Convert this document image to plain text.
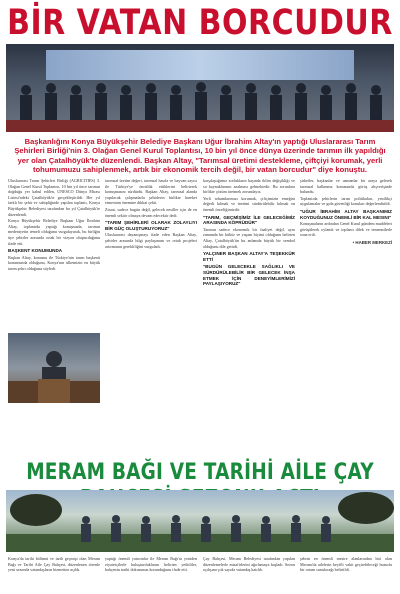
BİR VATAN BORCUDUR
Başkanlığını Konya Büyükşehir Belediye Başkanı Uğur İbrahim Altay'ın yaptığı Uluslararası Tarım Şehirleri Birliği'nin 3. Olağan Genel Kurul Toplantısı, 10 bin yıl önce dünya üzerinde tarımın ilk yapıldığı yer olan Çatalhöyük'te düzenlendi. Başkan Altay, "Tarımsal üretimi destekleme, çiftçiyi korumak, yerli tohumumuzu sahiplenmek, artık bir ekonomik tercih değil, bir vatan borcudur" diye konuştu.

Uluslararası Tarım Şehirleri Birliği (AGRICITIES) 3. Olağan Genel Kurul Toplantısı, 10 bin yıl önce tarımın doğduğu yer kabul edilen, UNESCO Dünya Mirası Listesi'ndeki Çatalhöyük'te gerçekleştirildi. Her yıl farklı bir şehir ev sahipliğinde yapılan toplantı, Konya Büyükşehir Belediyesi tarafından bu yıl Çatalhöyük'te düzenlendi.

Konya Büyükşehir Belediye Başkanı Uğur İbrahim Altay, toplantıda yaptığı konuşmada, tarımın medeniyetin temeli olduğunu vurgulayarak, bu birliğin üye şehirler arasında ortak bir vizyon oluşturduğunu ifade etti.

BAŞKENT KONUMUNDA

Başkan Altay, konumu ile Türkiye'nin tarım başkenti konumunda olduğunu, Konya'nın ülkemizin en büyük tarım şehri olduğunu söyledi.

tarımsal üretim değeri, tarımsal hasıla ve hayvan sayısı ile Türkiye'ye öncülük ettiklerini belirterek konuşmasını sürdürdü. Başkan Altay, tarımsal alanda yapılacak çalışmalarla şehirlerin birlikte hareket etmesinin önemine dikkat çekti.

Ziraat, sadece bugün değil, gelecek nesiller için de en önemli sektör olmaya devam edecektir dedi.

"TARIM ŞEHİRLERİ OLARAK ZOLAYLIYI BİR GÜÇ OLUŞTURUYORUZ"

Uluslararası dayanışmayı ifade eden Başkan Altay, şehirler arasında bilgi paylaşımını ve ortak projeleri artırmanın gerekliliğini vurguladı.

karşılaştığımız zorlukların başında iklim değişikliği ve su kaynaklarının azalması gelmektedir. Bu sorunlara birlikte çözüm üretmek zorundayız.

Yerli tohumlarımızı korumak, çiftçimizin emeğini değerli kılmak ve üretimi sürdürülebilir kılmak en önemli önceliğimizdir.

"TARIM, GEÇMİŞİMİZ İLE GELECEĞİMİZ ARASINDA KÖPRÜDÜR"

Tarımın sadece ekonomik bir faaliyet değil, aynı zamanda bir kültür ve yaşam biçimi olduğunu belirten Altay, Çatalhöyük'ün bu anlamda büyük bir sembol olduğunu dile getirdi.

YALÇINER BAŞKAN ALTAY'A TEŞEKKÜR ETTİ
"BUGÜN GELECEKLE SAĞLIKLI VE SÜRDÜRÜLEBİLİR BİR GELECEK İNŞA ETMEK İÇİN DENEYİMLERİMİZİ PAYLAŞIYORUZ"

şirketler, başkanlar ve uzmanlar bir araya gelerek tarımsal kalkınma konusunda görüş alışverişinde bulundu.

Toplantıda şehirlerin tarım politikaları, yenilikçi uygulamalar ve gıda güvenliği konuları değerlendirildi.

"UĞUR İBRAHİM ALTAY BAŞKANIMIZ KOYDUĞUNUZ ÖNEMLİ BİR KAL MESINI"

Konuşmaların ardından Genel Kurul gündem maddeleri görüşülerek oylandı ve toplantı dilek ve temennilerle sona erdi.

• HABER MERKEZİ
MERAM BAĞI VE TARİHİ AİLE ÇAY
Konya'da tarihi bölümü ve tarih geçmişi olan Meram Bağı ve Tarihi Aile Çay Bahçesi, düzenlenen törenle yeni sezonda vatandaşların hizmetine açıldı.
yaptığı önemli yatırımlar ile Meram Bağı'nı yeniden ziyaretçilerle buluşturduklarını belirten yetkililer, bahçenin tarihi dokusunun korunduğunu ifade etti.
Çay Bahçesi, Meram Belediyesi tarafından yapılan düzenlemelerle misafirlerini ağırlamaya başladı. Sezon açılışına çok sayıda vatandaş katıldı.
şehrin en önemli mesire alanlarından biri olan Meram'da ailelerin keyifli vakit geçirebileceği huzurlu bir ortam sunulacağı belirtildi.
